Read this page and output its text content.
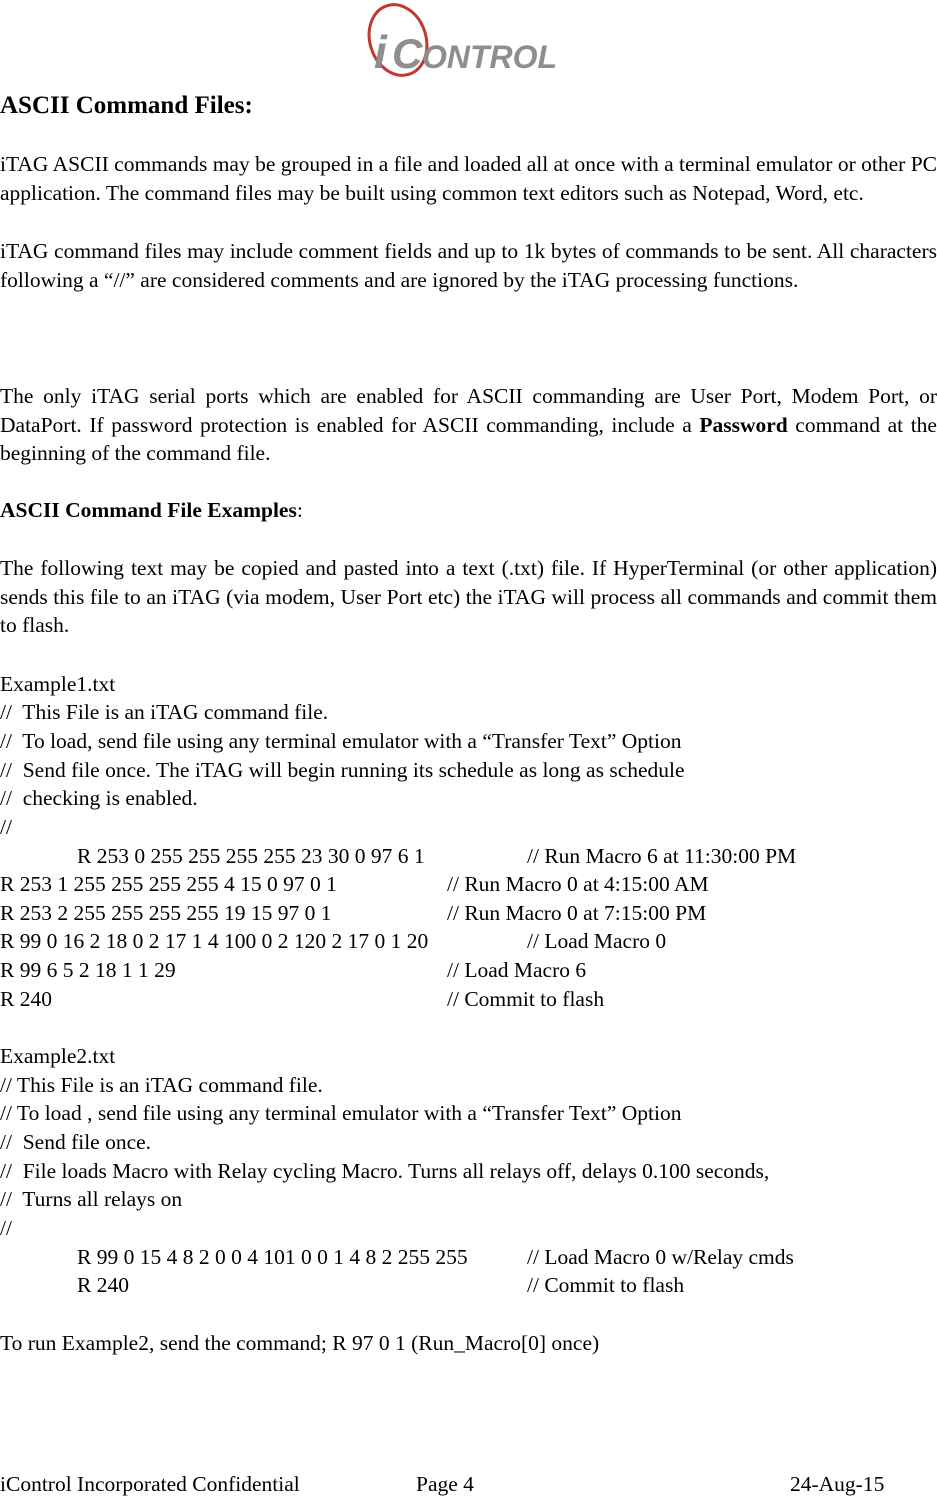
i C ONTROL
ASCII Command Files:
iTAG ASCII commands may be grouped in a file and loaded all at once with a terminal emulator or other PC application. The command files may be built using common text editors such as Notepad, Word, etc.
iTAG command files may include comment fields and up to 1k bytes of commands to be sent. All characters following a “//” are considered comments and are ignored by the iTAG processing functions.
The only iTAG serial ports which are enabled for ASCII commanding are User Port, Modem Port, or DataPort. If password protection is enabled for ASCII commanding, include a Password command at the beginning of the command file.
ASCII Command File Examples:
The following text may be copied and pasted into a text (.txt) file. If HyperTerminal (or other application) sends this file to an iTAG (via modem, User Port etc) the iTAG will process all commands and commit them to flash.
Example1.txt
//  This File is an iTAG command file.
//  To load, send file using any terminal emulator with a “Transfer Text” Option
//  Send file once. The iTAG will begin running its schedule as long as schedule
//  checking is enabled.
//
R 253 0 255 255 255 255 23 30 0 97 6 1	// Run Macro 6 at 11:30:00 PM
R 253 1 255 255 255 255 4 15 0 97 0 1	// Run Macro 0 at 4:15:00 AM
R 253 2 255 255 255 255 19 15 97 0 1	// Run Macro 0 at 7:15:00 PM
R 99 0 16 2 18 0 2 17 1 4 100 0 2 120 2 17 0 1 20	// Load Macro 0
R 99 6 5 2 18 1 1 29	// Load Macro 6
R 240	// Commit to flash
Example2.txt
// This File is an iTAG command file.
// To load , send file using any terminal emulator with a “Transfer Text” Option
//  Send file once.
//  File loads Macro with Relay cycling Macro. Turns all relays off, delays 0.100 seconds,
//  Turns all relays on
//
R 99 0 15 4 8 2 0 0 4 101 0 0 1 4 8 2 255 255	// Load Macro 0 w/Relay cmds
R 240	// Commit to flash
To run Example2, send the command; R 97 0 1 (Run_Macro[0] once)
iControl Incorporated Confidential	Page 4	24-Aug-15
